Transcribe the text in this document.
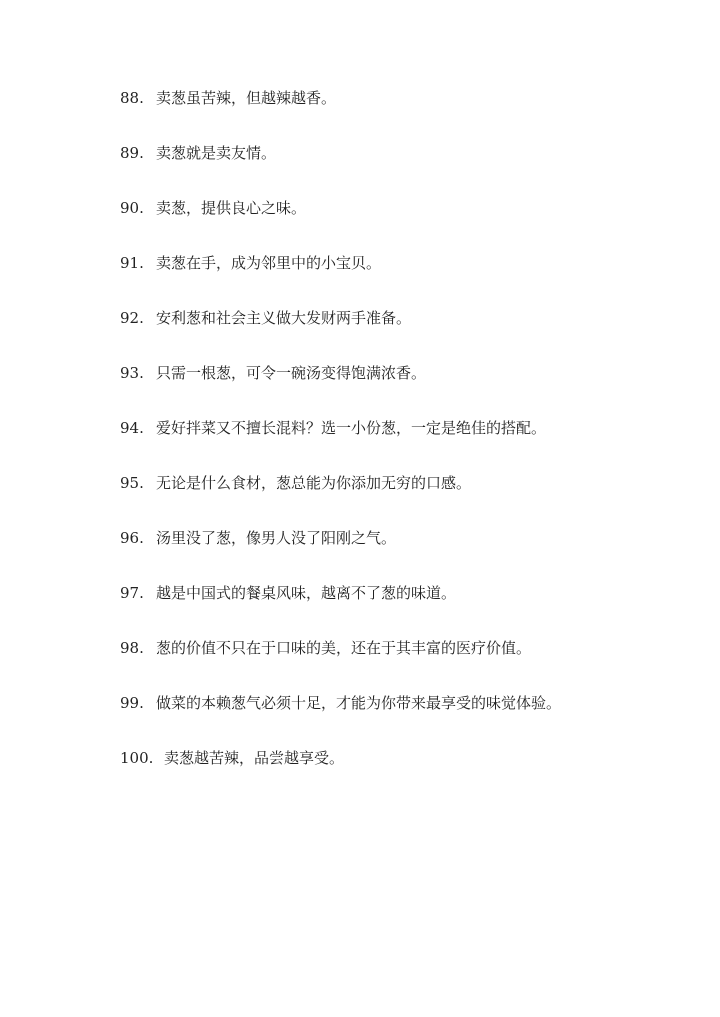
88. 卖葱虽苦辣，但越辣越香。
89. 卖葱就是卖友情。
90. 卖葱，提供良心之味。
91. 卖葱在手，成为邻里中的小宝贝。
92. 安利葱和社会主义做大发财两手准备。
93. 只需一根葱，可令一碗汤变得饱满浓香。
94. 爱好拌菜又不擅长混料？选一小份葱，一定是绝佳的搭配。
95. 无论是什么食材，葱总能为你添加无穷的口感。
96. 汤里没了葱，像男人没了阳刚之气。
97. 越是中国式的餐桌风味，越离不了葱的味道。
98. 葱的价值不只在于口味的美，还在于其丰富的医疗价值。
99. 做菜的本赖葱气必须十足，才能为你带来最享受的味觉体验。
100. 卖葱越苦辣，品尝越享受。
